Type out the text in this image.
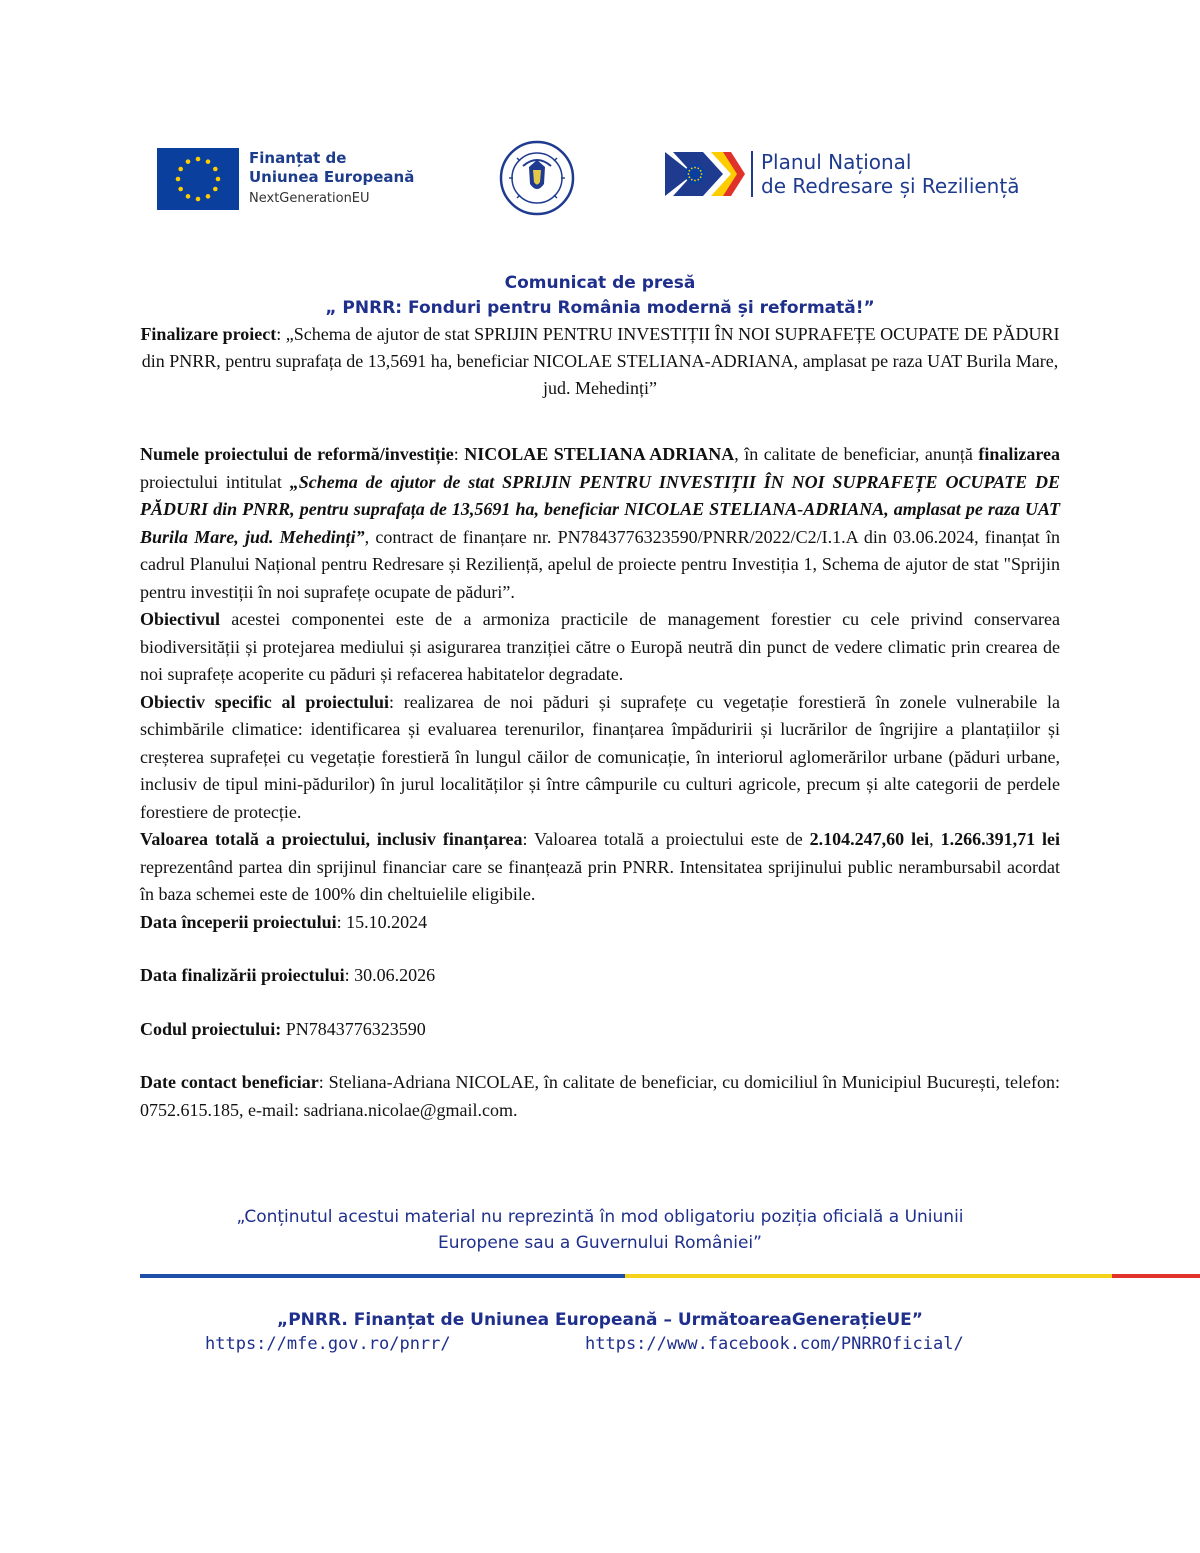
Finanțat de
Uniunea Europeană
NextGenerationEU
Planul Național
de Redresare și Reziliență
Comunicat de presă
„ PNRR: Fonduri pentru România modernă și reformată!”
Finalizare proiect: „Schema de ajutor de stat SPRIJIN PENTRU INVESTIȚII ÎN NOI SUPRAFEȚE OCUPATE DE PĂDURI din PNRR, pentru suprafața de 13,5691 ha, beneficiar NICOLAE STELIANA-ADRIANA, amplasat pe raza UAT Burila Mare, jud. Mehedinți”

Numele proiectului de reformă/investiție: NICOLAE STELIANA ADRIANA, în calitate de beneficiar, anunță finalizarea proiectului intitulat „Schema de ajutor de stat SPRIJIN PENTRU INVESTIȚII ÎN NOI SUPRAFEȚE OCUPATE DE PĂDURI din PNRR, pentru suprafața de 13,5691 ha, beneficiar NICOLAE STELIANA-ADRIANA, amplasat pe raza UAT Burila Mare, jud. Mehedinți”, contract de finanțare nr. PN7843776323590/PNRR/2022/C2/I.1.A din 03.06.2024, finanțat în cadrul Planului Național pentru Redresare și Reziliență, apelul de proiecte pentru Investiția 1, Schema de ajutor de stat "Sprijin pentru investiții în noi suprafețe ocupate de păduri”.

Obiectivul acestei componentei este de a armoniza practicile de management forestier cu cele privind conservarea biodiversității și protejarea mediului și asigurarea tranziției către o Europă neutră din punct de vedere climatic prin crearea de noi suprafețe acoperite cu păduri și refacerea habitatelor degradate.

Obiectiv specific al proiectului: realizarea de noi păduri și suprafețe cu vegetație forestieră în zonele vulnerabile la schimbările climatice: identificarea și evaluarea terenurilor, finanțarea împăduririi și lucrărilor de îngrijire a plantațiilor și creșterea suprafeței cu vegetație forestieră în lungul căilor de comunicație, în interiorul aglomerărilor urbane (păduri urbane, inclusiv de tipul mini-pădurilor) în jurul localităților și între câmpurile cu culturi agricole, precum și alte categorii de perdele forestiere de protecție.

Valoarea totală a proiectului, inclusiv finanțarea: Valoarea totală a proiectului este de 2.104.247,60 lei, 1.266.391,71 lei reprezentând partea din sprijinul financiar care se finanțează prin PNRR. Intensitatea sprijinului public nerambursabil acordat în baza schemei este de 100% din cheltuielile eligibile.

Data începerii proiectului: 15.10.2024

Data finalizării proiectului: 30.06.2026

Codul proiectului: PN7843776323590

Date contact beneficiar: Steliana-Adriana NICOLAE, în calitate de beneficiar, cu domiciliul în Municipiul București, telefon: 0752.615.185, e-mail: sadriana.nicolae@gmail.com.

„Conținutul acestui material nu reprezintă în mod obligatoriu poziția oficială a Uniunii
Europene sau a Guvernului României”
„PNRR. Finanțat de Uniunea Europeană – UrmătoareaGenerațieUE”
https://mfe.gov.ro/pnrr/	https://www.facebook.com/PNRROficial/
